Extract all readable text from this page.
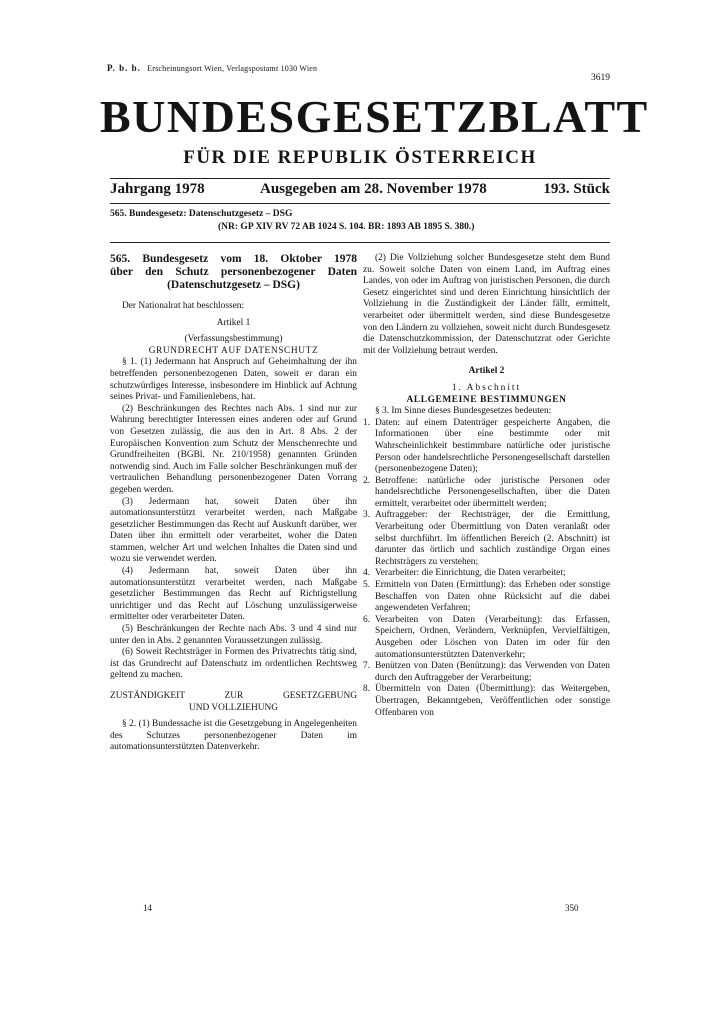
P. b. b. Erscheinungsort Wien, Verlagspostamt 1030 Wien
3619
BUNDESGESETZBLATT
FÜR DIE REPUBLIK ÖSTERREICH
Jahrgang 1978	Ausgegeben am 28. November 1978	193. Stück
565. Bundesgesetz: Datenschutzgesetz – DSG
(NR: GP XIV RV 72 AB 1024 S. 104. BR: 1893 AB 1895 S. 380.)

565. Bundesgesetz vom 18. Oktober 1978
über den Schutz personenbezogener Daten
(Datenschutzgesetz – DSG)

Der Nationalrat hat beschlossen:

Artikel 1

(Verfassungsbestimmung)

GRUNDRECHT AUF DATENSCHUTZ

§ 1. (1) Jedermann hat Anspruch auf Geheimhaltung der ihn betreffenden personenbezogenen Daten, soweit er daran ein schutzwürdiges Interesse, insbesondere im Hinblick auf Achtung seines Privat- und Familienlebens, hat.

(2) Beschränkungen des Rechtes nach Abs. 1 sind nur zur Wahrung berechtigter Interessen eines anderen oder auf Grund von Gesetzen zulässig, die aus den in Art. 8 Abs. 2 der Europäischen Konvention zum Schutz der Menschenrechte und Grundfreiheiten (BGBl. Nr. 210/1958) genannten Gründen notwendig sind. Auch im Falle solcher Beschränkungen muß der vertraulichen Behandlung personenbezogener Daten Vorrang gegeben werden.

(3) Jedermann hat, soweit Daten über ihn automationsunterstützt verarbeitet werden, nach Maßgabe gesetzlicher Bestimmungen das Recht auf Auskunft darüber, wer Daten über ihn ermittelt oder verarbeitet, woher die Daten stammen, welcher Art und welchen Inhaltes die Daten sind und wozu sie verwendet werden.

(4) Jedermann hat, soweit Daten über ihn automationsunterstützt verarbeitet werden, nach Maßgabe gesetzlicher Bestimmungen das Recht auf Richtigstellung unrichtiger und das Recht auf Löschung unzulässigerweise ermittelter oder verarbeiteter Daten.

(5) Beschränkungen der Rechte nach Abs. 3 und 4 sind nur unter den in Abs. 2 genannten Voraussetzungen zulässig.

(6) Soweit Rechtsträger in Formen des Privatrechts tätig sind, ist das Grundrecht auf Datenschutz im ordentlichen Rechtsweg geltend zu machen.

ZUSTÄNDIGKEIT ZUR GESETZGEBUNG

UND VOLLZIEHUNG

§ 2. (1) Bundessache ist die Gesetzgebung in Angelegenheiten des Schutzes personenbezogener Daten im automationsunterstützten Datenverkehr.

(2) Die Vollziehung solcher Bundesgesetze steht dem Bund zu. Soweit solche Daten von einem Land, im Auftrag eines Landes, von oder im Auftrag von juristischen Personen, die durch Gesetz eingerichtet sind und deren Einrichtung hinsichtlich der Vollziehung in die Zuständigkeit der Länder fällt, ermittelt, verarbeitet oder übermittelt werden, sind diese Bundesgesetze von den Ländern zu vollziehen, soweit nicht durch Bundesgesetz die Datenschutzkommission, der Datenschutzrat oder Gerichte mit der Vollziehung betraut werden.

Artikel 2

1. Abschnitt

ALLGEMEINE BESTIMMUNGEN

§ 3. Im Sinne dieses Bundesgesetzes bedeuten:

1. Daten: auf einem Datenträger gespeicherte Angaben, die Informationen über eine bestimmte oder mit Wahrscheinlichkeit bestimmbare natürliche oder juristische Person oder handelsrechtliche Personengesellschaft darstellen (personenbezogene Daten);
2. Betroffene: natürliche oder juristische Personen oder handelsrechtliche Personengesellschaften, über die Daten ermittelt, verarbeitet oder übermittelt werden;
3. Auftraggeber: der Rechtsträger, der die Ermittlung, Verarbeitung oder Übermittlung von Daten veranlaßt oder selbst durchführt. Im öffentlichen Bereich (2. Abschnitt) ist darunter das örtlich und sachlich zuständige Organ eines Rechtsträgers zu verstehen;
4. Verarbeiter: die Einrichtung, die Daten verarbeitet;
5. Ermitteln von Daten (Ermittlung): das Erheben oder sonstige Beschaffen von Daten ohne Rücksicht auf die dabei angewendeten Verfahren;
6. Verarbeiten von Daten (Verarbeitung): das Erfassen, Speichern, Ordnen, Verändern, Verknüpfen, Vervielfältigen, Ausgeben oder Löschen von Daten im oder für den automationsunterstützten Datenverkehr;
7. Benützen von Daten (Benützung): das Verwenden von Daten durch den Auftraggeber der Verarbeitung;
8. Übermitteln von Daten (Übermittlung): das Weitergeben, Übertragen, Bekanntgeben, Veröffentlichen oder sonstige Offenbaren von
14	350
